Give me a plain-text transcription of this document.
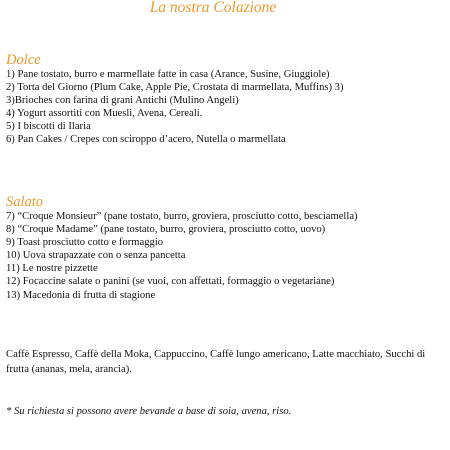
La nostra Colazione
Dolce
1) Pane tostato, burro e marmellate fatte in casa (Arance, Susine, Giuggiole)
2) Torta del Giorno (Plum Cake, Apple Pie, Crostata di marmellata, Muffins) 3)
3)Brioches con farina di grani Antichi (Mulino Angeli)
4) Yogurt assortiti con Muesli, Avena, Cereali.
5) I biscotti di Ilaria
6) Pan Cakes / Crepes con sciroppo d’acero, Nutella o marmellata
Salato
7) “Croque Monsieur” (pane tostato, burro, groviera, prosciutto cotto, besciamella)
8) “Croque Madame” (pane tostato, burro, groviera, prosciutto cotto, uovo)
9) Toast prosciutto cotto e formaggio
10) Uova strapazzate con o senza pancetta
11) Le nostre pizzette
12) Focaccine salate o panini (se vuoi, con affettati, formaggio o vegetariane)
13) Macedonia di frutta di stagione
Caffè Espresso, Caffè della Moka, Cappuccino, Caffè lungo americano, Latte macchiato, Succhi di frutta (ananas, mela, arancia).
* Su richiesta si possono avere bevande a base di soia, avena, riso.
